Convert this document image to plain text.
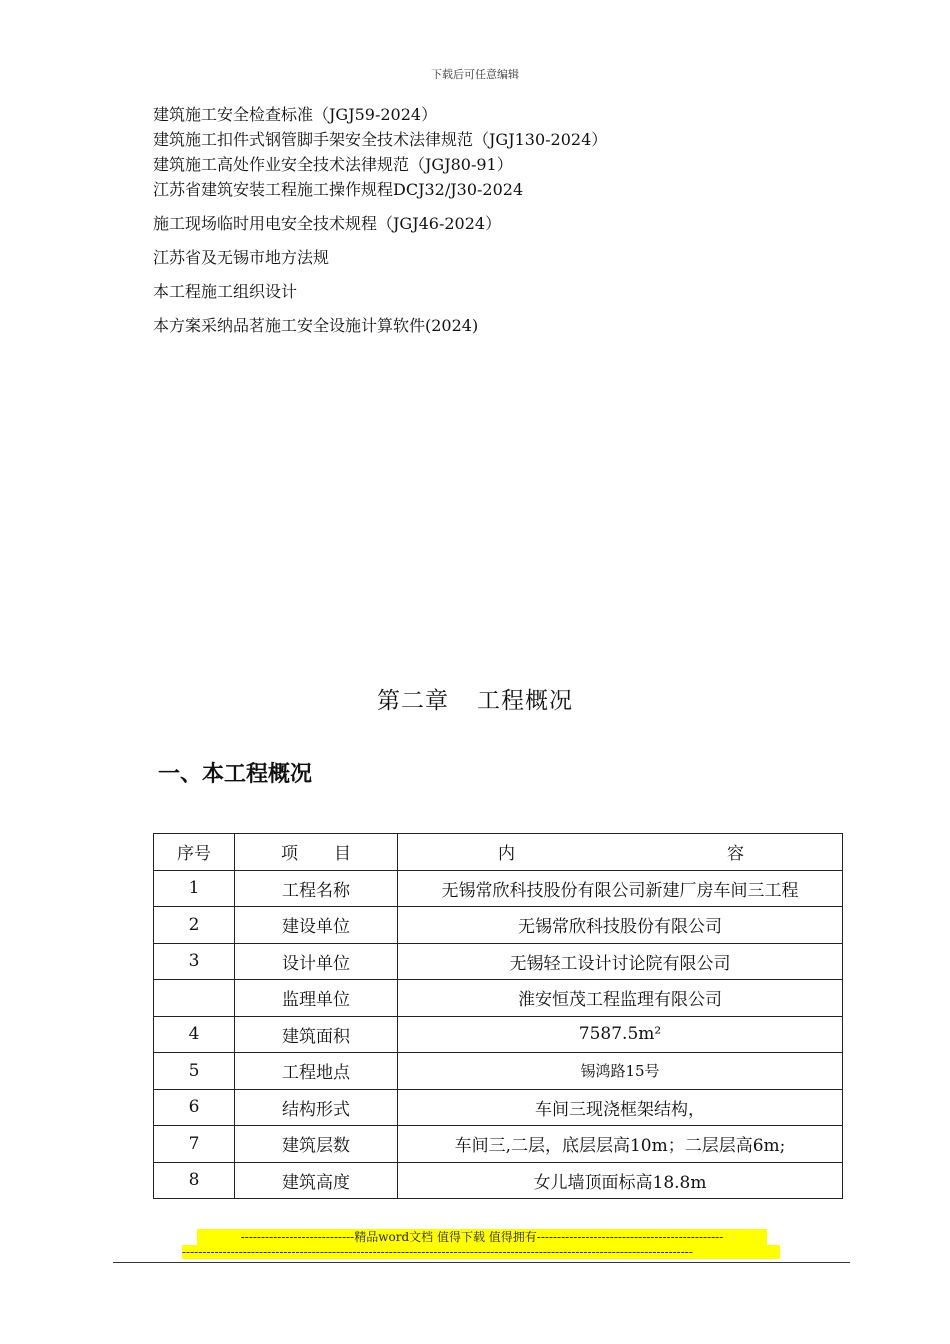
下载后可任意编辑
建筑施工安全检查标准（JGJ59-2024）
建筑施工扣件式钢管脚手架安全技术法律规范（JGJ130-2024）
建筑施工高处作业安全技术法律规范（JGJ80-91）
江苏省建筑安装工程施工操作规程DCJ32/J30-2024
施工现场临时用电安全技术规程（JGJ46-2024）
江苏省及无锡市地方法规
本工程施工组织设计
本方案采纳品茗施工安全设施计算软件(2024)
第二章 工程概况
一、本工程概况
序号	项 目	内 容

1	工程名称	无锡常欣科技股份有限公司新建厂房车间三工程
2	建设单位	无锡常欣科技股份有限公司
3	设计单位	无锡轻工设计讨论院有限公司
	监理单位	淮安恒茂工程监理有限公司
4	建筑面积	7587.5m²
5	工程地点	锡鸿路15号
6	结构形式	车间三现浇框架结构，
7	建筑层数	车间三,二层，底层层高10m；二层层高6m;
8	建筑高度	女儿墙顶面标高18.8m
----------------------------精品word文档 值得下载 值得拥有----------------------------------------------
------------------------------------------------------------------------------------------------------------------------------
